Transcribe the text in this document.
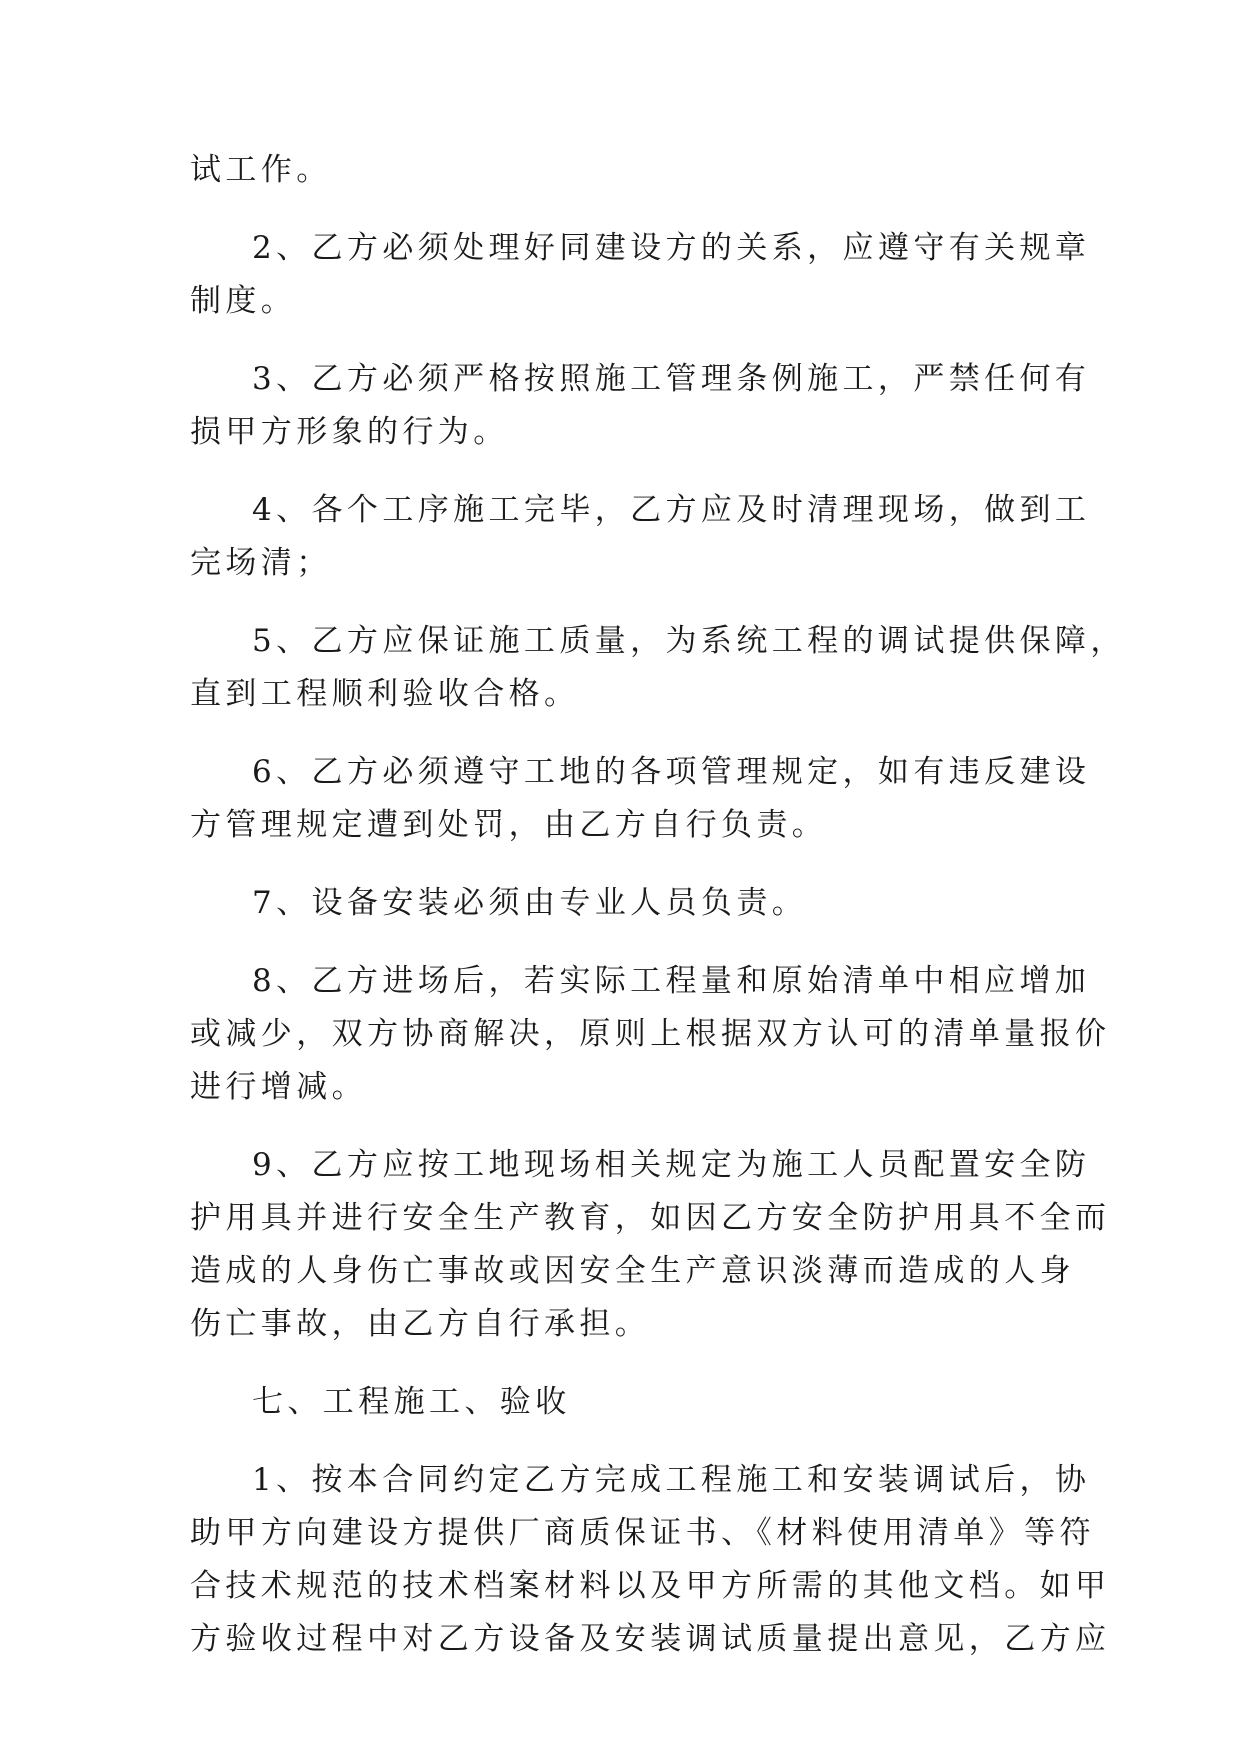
试工作。
2、乙方必须处理好同建设方的关系，应遵守有关规章
制度。
3、乙方必须严格按照施工管理条例施工，严禁任何有
损甲方形象的行为。
4、各个工序施工完毕，乙方应及时清理现场，做到工
完场清；
5、乙方应保证施工质量，为系统工程的调试提供保障，
直到工程顺利验收合格。
6、乙方必须遵守工地的各项管理规定，如有违反建设
方管理规定遭到处罚，由乙方自行负责。
7、设备安装必须由专业人员负责。
8、乙方进场后，若实际工程量和原始清单中相应增加
或减少，双方协商解决，原则上根据双方认可的清单量报价
进行增减。
9、乙方应按工地现场相关规定为施工人员配置安全防
护用具并进行安全生产教育，如因乙方安全防护用具不全而
造成的人身伤亡事故或因安全生产意识淡薄而造成的人身
伤亡事故，由乙方自行承担。
七、工程施工、验收
1、按本合同约定乙方完成工程施工和安装调试后，协
助甲方向建设方提供厂商质保证书、《材料使用清单》等符
合技术规范的技术档案材料以及甲方所需的其他文档。如甲
方验收过程中对乙方设备及安装调试质量提出意见，乙方应
